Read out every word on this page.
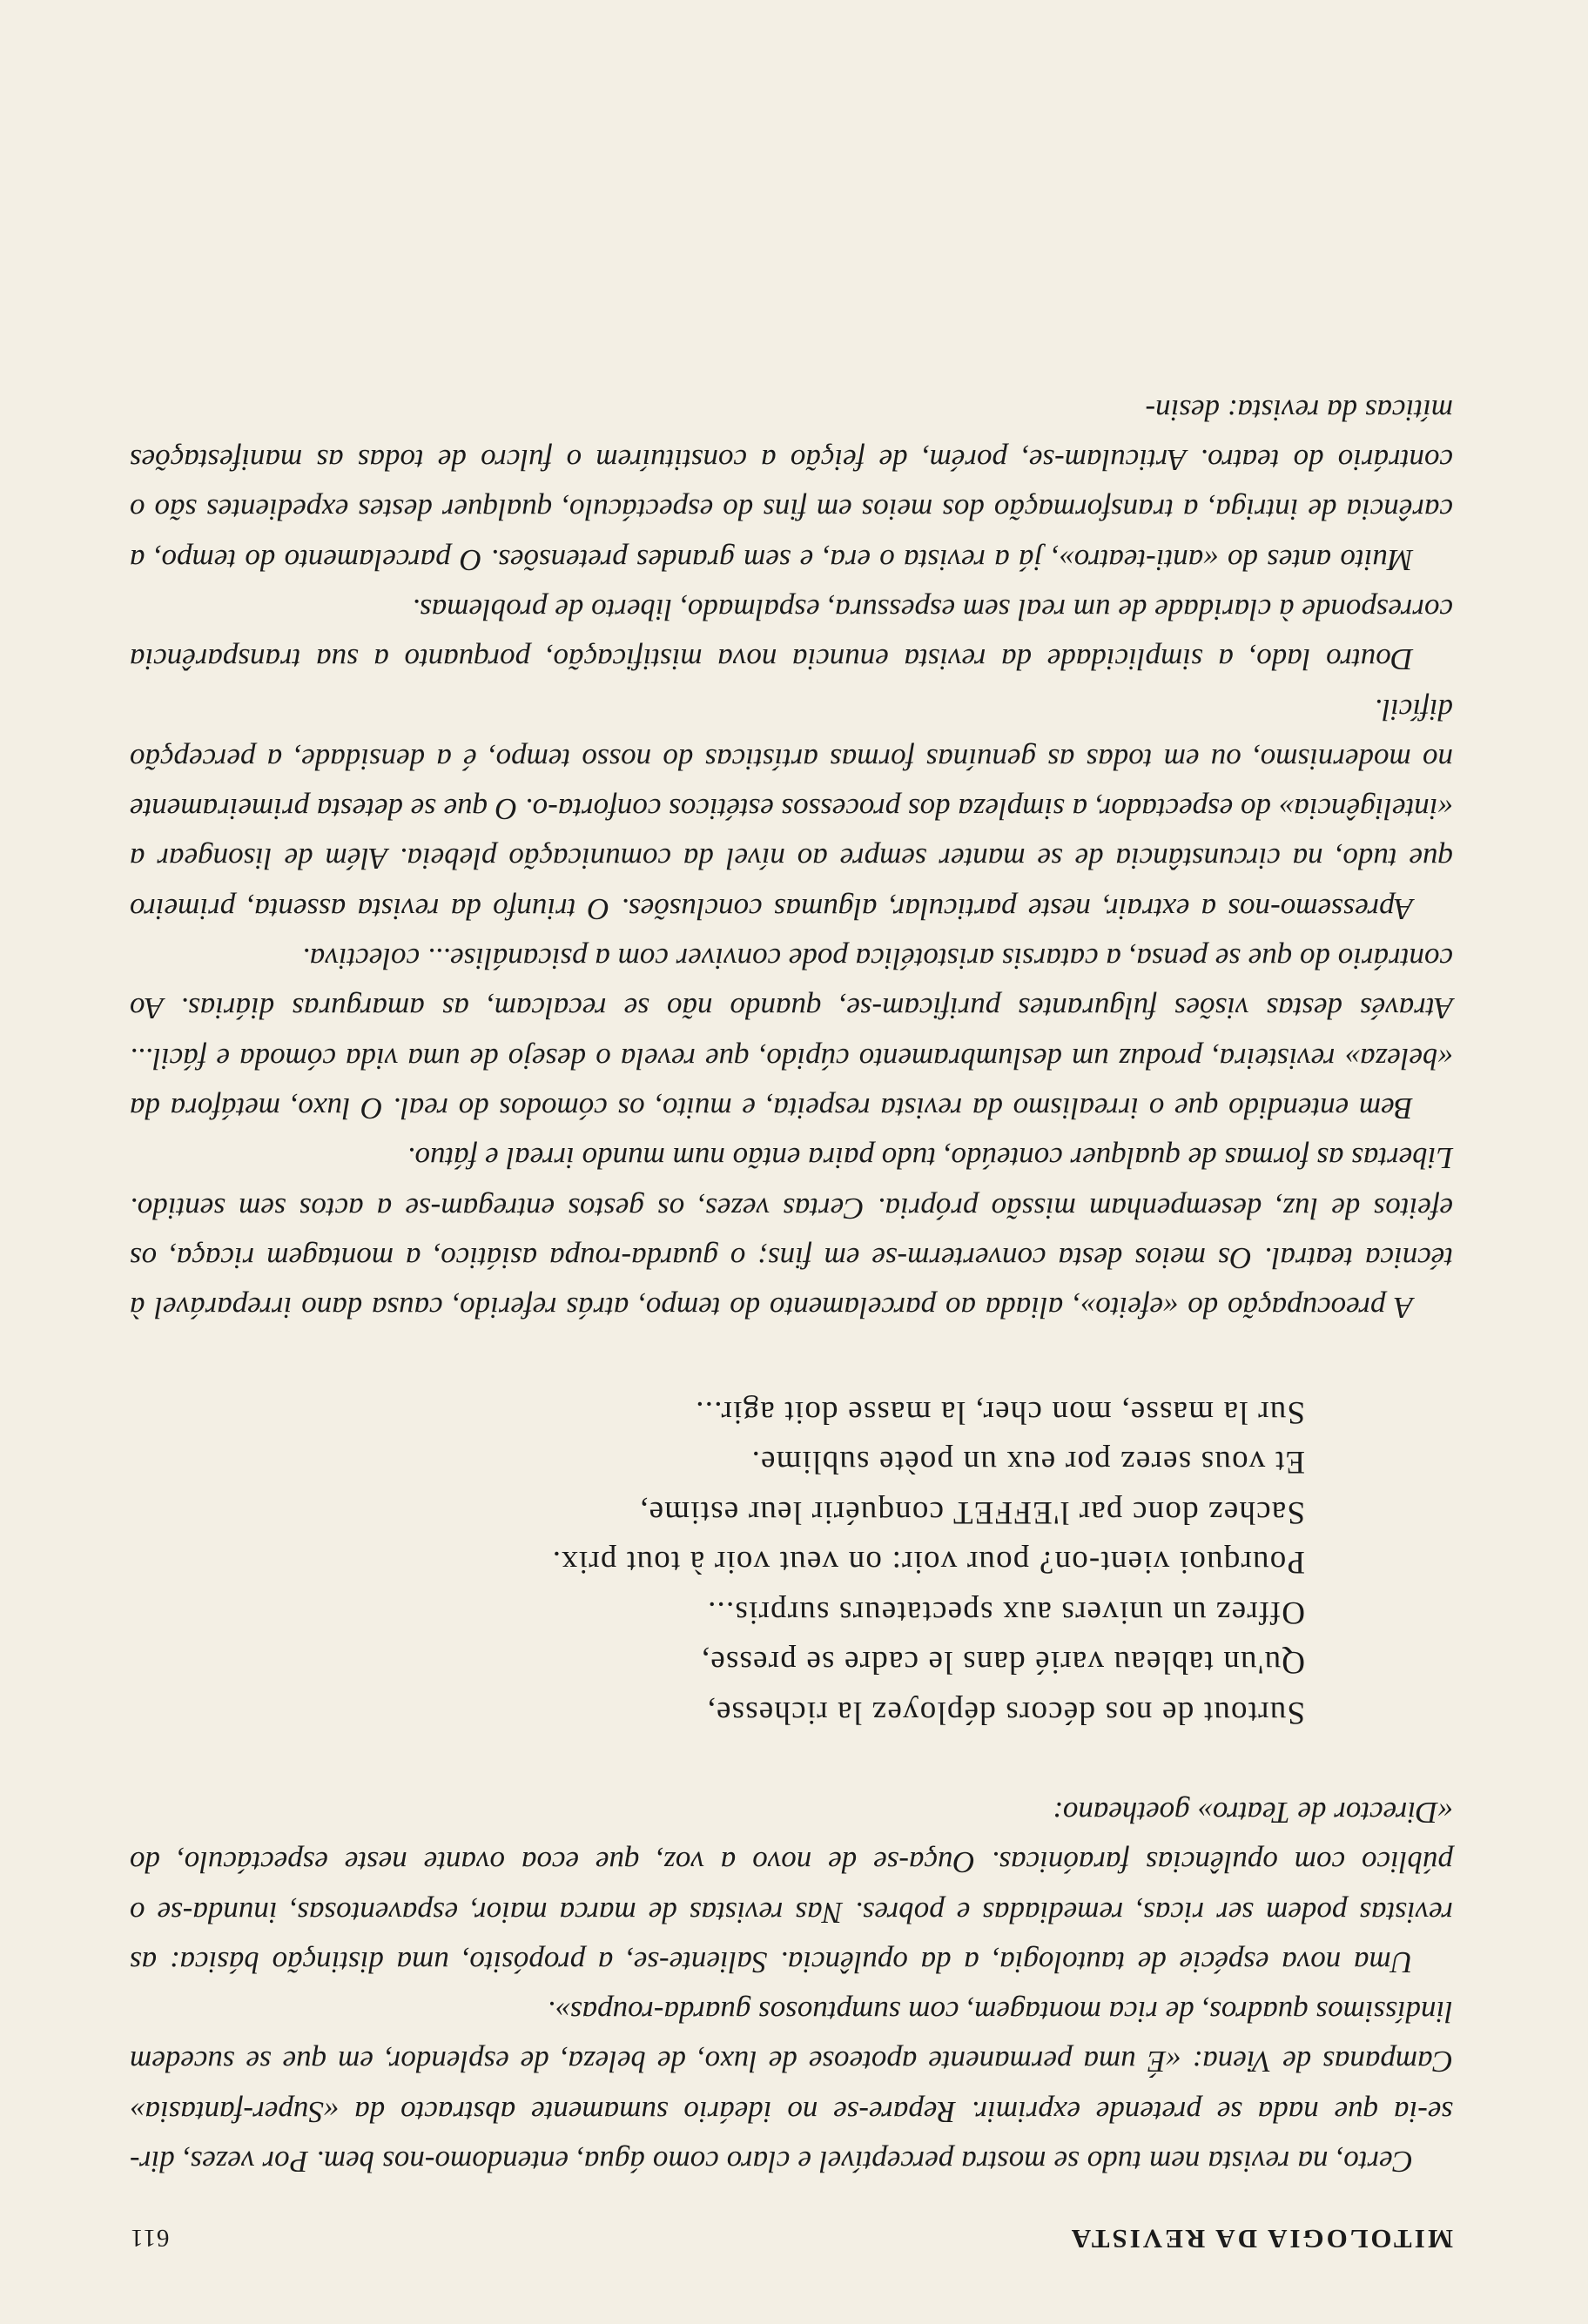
MITOLOGIA DA REVISTA
611

Certo, na revista nem tudo se mostra perceptível e claro como água, entendomo-nos bem. Por vezes, dir-se-ia que nada se pretende exprimir. Repare-se no ideário sumamente abstracto da «Super-fantasia» Campanas de Viena: «É uma permanente apoteose de luxo, de beleza, de esplendor, em que se sucedem lindíssimos quadros, de rica montagem, com sumptuosos guarda-roupas».

Uma nova espécie de tautologia, a da opulência. Saliente-se, a propósito, uma distinção básica: as revistas podem ser ricas, remediadas e pobres. Nas revistas de marca maior, espaventosas, inunda-se o público com opulências faraónicas. Ouça-se de novo a voz, que ecoa ovante neste espectáculo, do «Director de Teatro» goetheano:

Surtout de nos décors déployez la richesse,
Qu'un tableau varié dans le cadre se presse,
Offrez un univers aux spectateurs surpris...
Pourquoi vient-on? pour voir: on veut voir à tout prix.
Sachez donc par l'EFFET conquérir leur estime,
Et vous serez por eux un poète sublime.
Sur la masse, mon cher, la masse doit agir...

A preocupação do «efeito», aliada ao parcelamento do tempo, atrás referido, causa dano irreparável à técnica teatral. Os meios desta converterm-se em fins; o guarda-roupa asiático, a montagem ricaça, os efeitos de luz, desempenham missão própria. Certas vezes, os gestos entregam-se a actos sem sentido. Libertas as formas de qualquer conteúdo, tudo paira então num mundo irreal e fátuo.

Bem entendido que o irrealismo da revista respeita, e muito, os cómodos do real. O luxo, metáfora da «beleza» revisteira, produz um deslumbramento cúpido, que revela o desejo de uma vida cómoda e fácil... Através destas visões fulgurantes purificam-se, quando não se recalcam, as amarguras diárias. Ao contrário do que se pensa, a catarsis aristotélica pode conviver com a psicanálise... colectiva.

Apressemo-nos a extrair, neste particular, algumas conclusões. O triunfo da revista assenta, primeiro que tudo, na circunstância de se manter sempre ao nível da comunicação plebeia. Além de lisongear a «inteligência» do espectador, a simpleza dos processos estéticos conforta-o. O que se detesta primeiramente no modernismo, ou em todas as genuínas formas artísticas do nosso tempo, é a densidade, a percepção difícil.

Doutro lado, a simplicidade da revista enuncia nova mistificação, porquanto a sua transparência corresponde à claridade de um real sem espessura, espalmado, liberto de problemas.

Muito antes do «anti-teatro», já a revista o era, e sem grandes pretensões. O parcelamento do tempo, a carência de intriga, a transformação dos meios em fins do espectáculo, qualquer destes expedientes são o contrário do teatro. Articulam-se, porém, de feição a constituírem o fulcro de todas as manifestações míticas da revista: desin-
